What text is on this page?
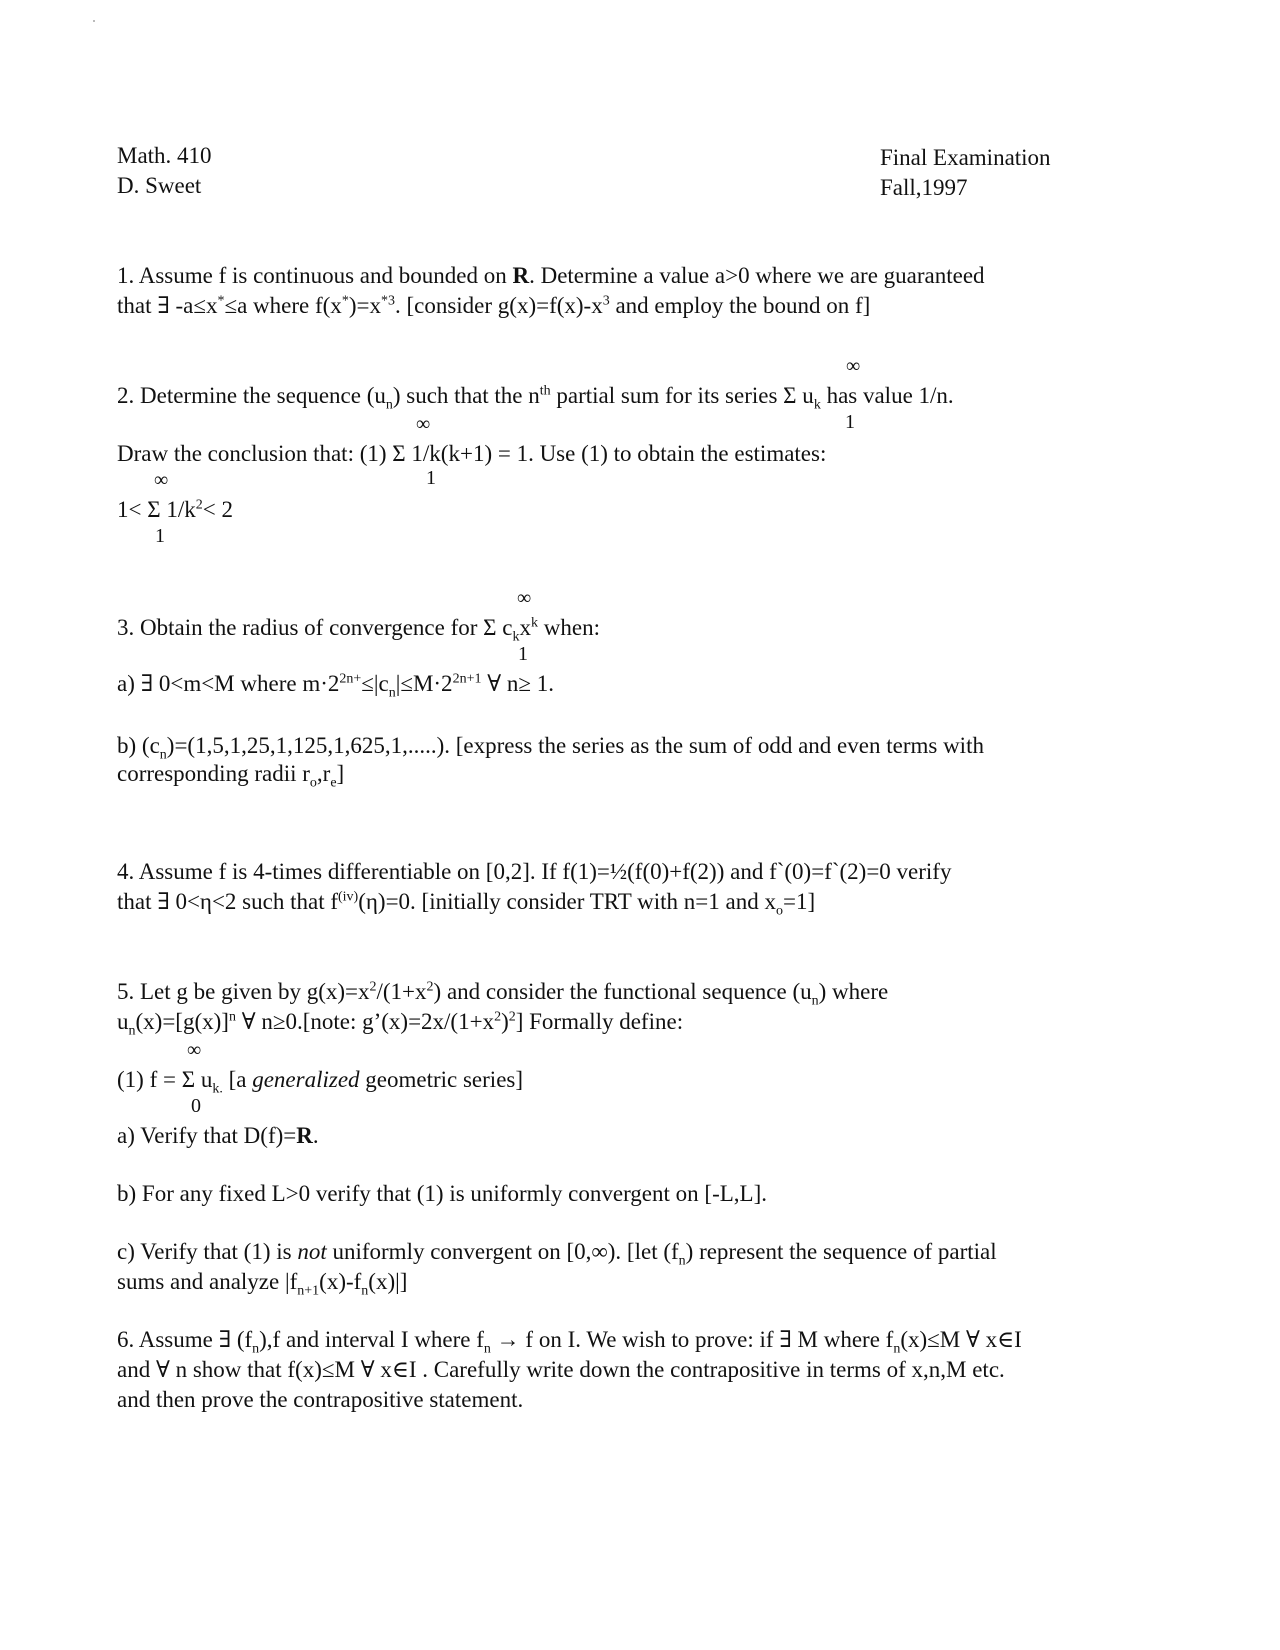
Math. 410
D. Sweet
Final Examination
Fall,1997
1. Assume f is continuous and bounded on R. Determine a value a>0 where we are guaranteed
that ∃ -a≤x*≤a where $f(x^*)=x^{*3}$. [consider $g(x)=f(x)-x^3$ and employ the bound on f]
∞
2. Determine the sequence $(u_n)$ such that the $n^{th}$ partial sum for its series Σ $u_k$ has value 1/n.
∞	1
Draw the conclusion that: (1) Σ 1/k(k+1) = 1. Use (1) to obtain the estimates:
∞	1
1< Σ $1/k^2< 2$
1
∞
3. Obtain the radius of convergence for Σ $c_kx^k$ when:
1
a) ∃ 0<m<M where $m\cdot 2^{2n+}\le|c_n|\le M\cdot 2^{2n+1}$ ∀ n≥ 1.
b) $(c_n)=(1,5,1,25,1,125,1,625,1,.....)$. [express the series as the sum of odd and even terms with
corresponding radii $r_o,r_e$]
4. Assume f is 4-times differentiable on [0,2]. If f(1)=½(f(0)+f(2)) and f`(0)=f`(2)=0 verify
that ∃ 0<η<2 such that $f^{(iv)}(\eta)=0$. [initially consider TRT with n=1 and $x_o=1$]
5. Let g be given by $g(x)=x^2/(1+x^2)$ and consider the functional sequence $(u_n)$ where
$u_n(x)=[g(x)]^n$ ∀ n≥0.[note: $g’(x)=2x/(1+x^2)^2$] Formally define:
∞
(1) f = Σ $u_{k.}$ [a generalized geometric series]
0
a) Verify that D(f)=R.
b) For any fixed L>0 verify that (1) is uniformly convergent on [-L,L].
c) Verify that (1) is not uniformly convergent on [0,∞). [let $(f_n)$ represent the sequence of partial
sums and analyze $|f_{n+1}(x)-f_n(x)|$]
6. Assume ∃ $(f_n),f$ and interval I where $f_n \to f$ on I. We wish to prove: if ∃ M where $f_n(x)\le M$ ∀ x∈I
and ∀ n show that f(x)≤M ∀ x∈I . Carefully write down the contrapositive in terms of x,n,M etc.
and then prove the contrapositive statement.
